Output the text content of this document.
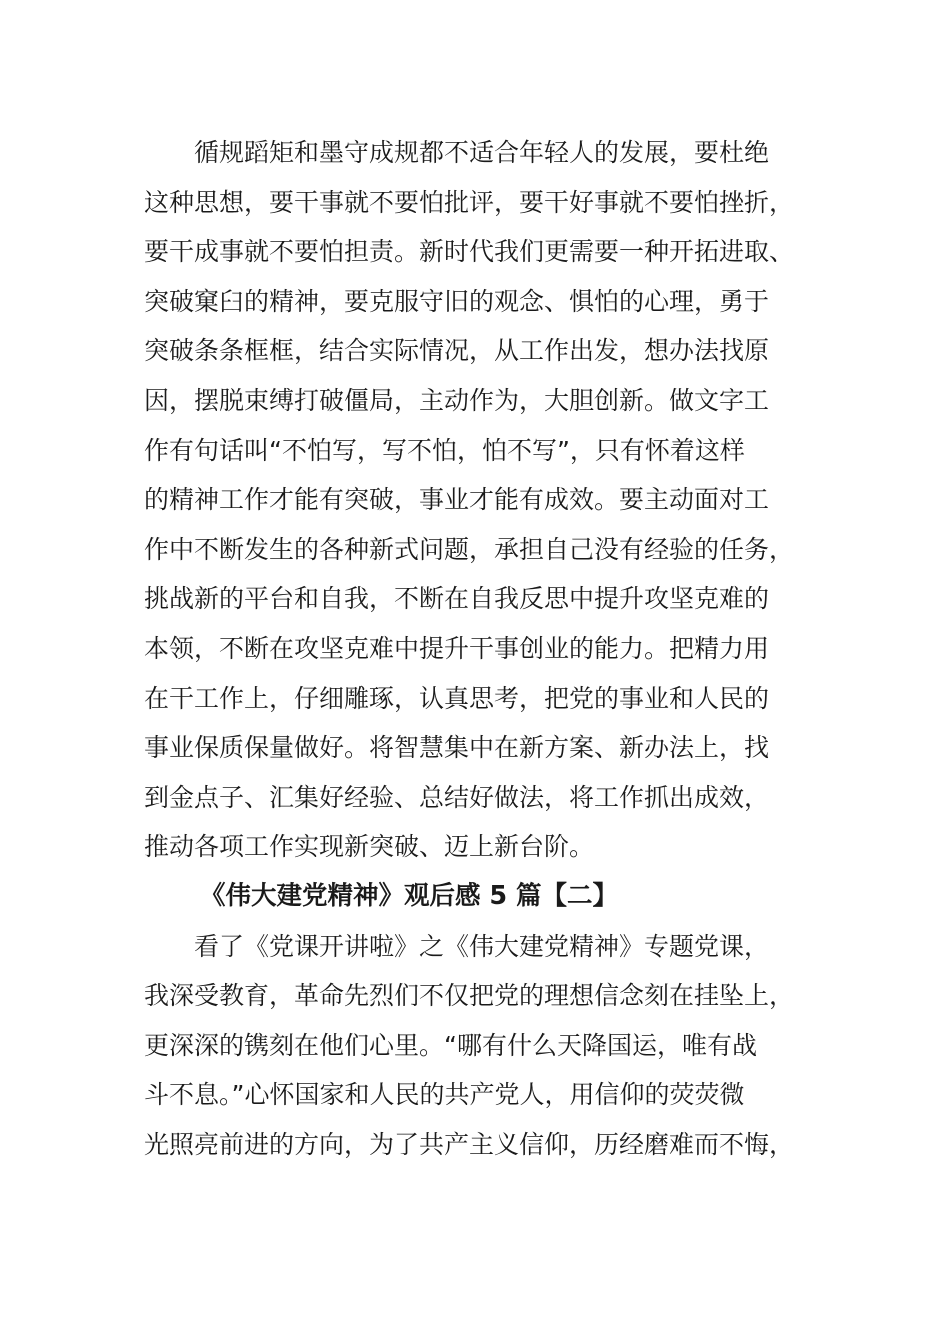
循规蹈矩和墨守成规都不适合年轻人的发展，要杜绝
这种思想，要干事就不要怕批评，要干好事就不要怕挫折，
要干成事就不要怕担责。新时代我们更需要一种开拓进取、
突破窠臼的精神，要克服守旧的观念、惧怕的心理，勇于
突破条条框框，结合实际情况，从工作出发，想办法找原
因，摆脱束缚打破僵局，主动作为，大胆创新。做文字工
作有句话叫“不怕写，写不怕，怕不写”，只有怀着这样
的精神工作才能有突破，事业才能有成效。要主动面对工
作中不断发生的各种新式问题，承担自己没有经验的任务，
挑战新的平台和自我，不断在自我反思中提升攻坚克难的
本领，不断在攻坚克难中提升干事创业的能力。把精力用
在干工作上，仔细雕琢，认真思考，把党的事业和人民的
事业保质保量做好。将智慧集中在新方案、新办法上，找
到金点子、汇集好经验、总结好做法，将工作抓出成效，
推动各项工作实现新突破、迈上新台阶。
《伟大建党精神》观后感 5 篇【二】
看了《党课开讲啦》之《伟大建党精神》专题党课，
我深受教育，革命先烈们不仅把党的理想信念刻在挂坠上，
更深深的镌刻在他们心里。“哪有什么天降国运，唯有战
斗不息。”心怀国家和人民的共产党人，用信仰的荧荧微
光照亮前进的方向，为了共产主义信仰，历经磨难而不悔，
